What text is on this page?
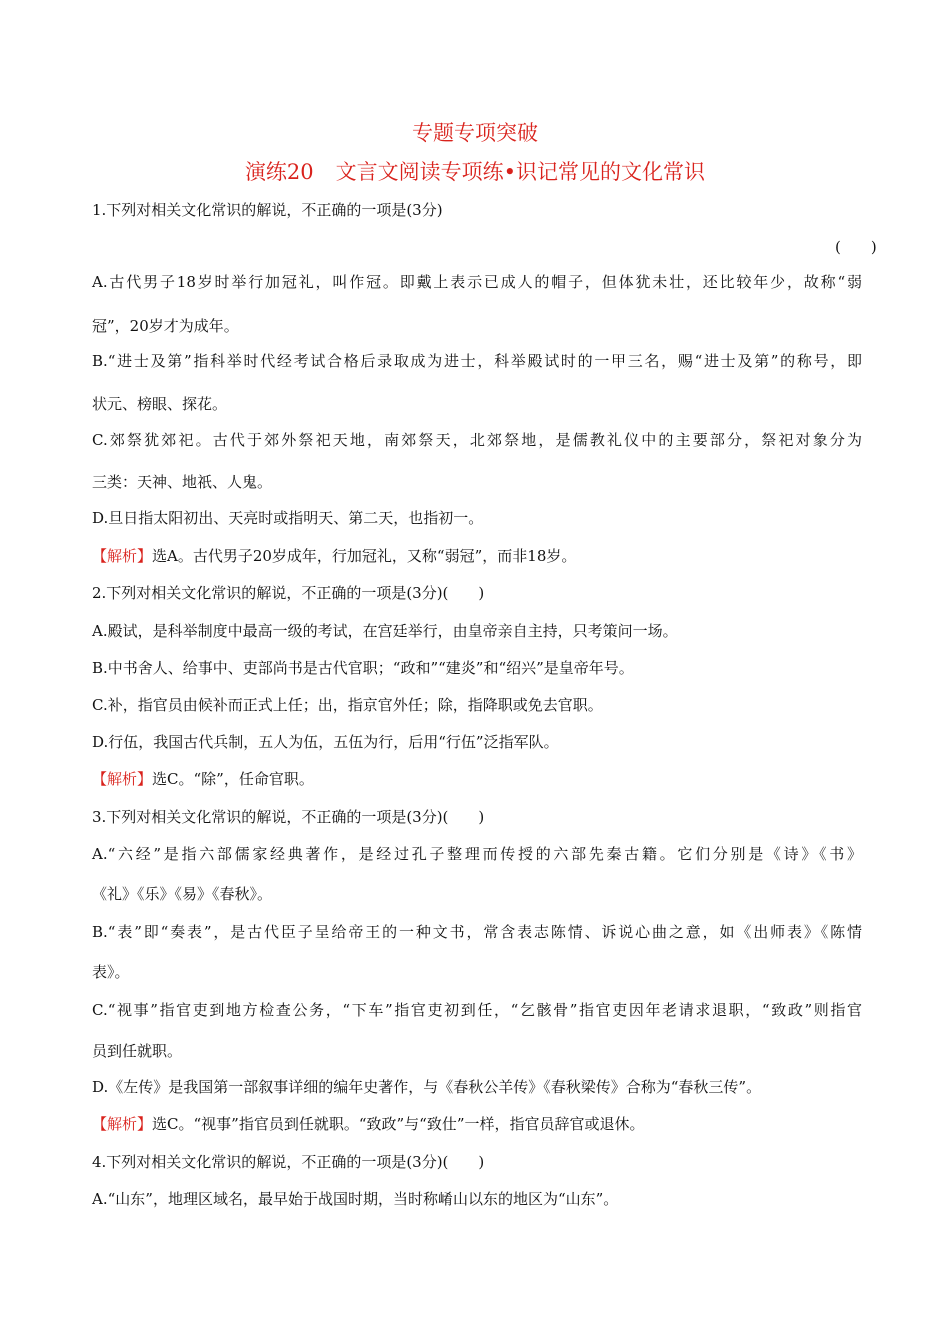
专题专项突破
演练20 文言文阅读专项练•识记常见的文化常识
1.下列对相关文化常识的解说，不正确的一项是(3分)
(　　)
A.古代男子18岁时举行加冠礼，叫作冠。即戴上表示已成人的帽子，但体犹未壮，还比较年少，故称“弱
冠”，20岁才为成年。
B.“进士及第”指科举时代经考试合格后录取成为进士，科举殿试时的一甲三名，赐“进士及第”的称号，即
状元、榜眼、探花。
C.郊祭犹郊祀。古代于郊外祭祀天地，南郊祭天，北郊祭地，是儒教礼仪中的主要部分，祭祀对象分为
三类：天神、地祇、人鬼。
D.旦日指太阳初出、天亮时或指明天、第二天，也指初一。
【解析】选A。古代男子20岁成年，行加冠礼，又称“弱冠”，而非18岁。
2.下列对相关文化常识的解说，不正确的一项是(3分)(　　)
A.殿试，是科举制度中最高一级的考试，在宫廷举行，由皇帝亲自主持，只考策问一场。
B.中书舍人、给事中、吏部尚书是古代官职；“政和”“建炎”和“绍兴”是皇帝年号。
C.补，指官员由候补而正式上任；出，指京官外任；除，指降职或免去官职。
D.行伍，我国古代兵制，五人为伍，五伍为行，后用“行伍”泛指军队。
【解析】选C。“除”，任命官职。
3.下列对相关文化常识的解说，不正确的一项是(3分)(　　)
A.“六经”是指六部儒家经典著作，是经过孔子整理而传授的六部先秦古籍。它们分别是《诗》《书》
《礼》《乐》《易》《春秋》。
B.“表”即“奏表”，是古代臣子呈给帝王的一种文书，常含表志陈情、诉说心曲之意，如《出师表》《陈情
表》。
C.“视事”指官吏到地方检查公务，“下车”指官吏初到任，“乞骸骨”指官吏因年老请求退职，“致政”则指官
员到任就职。
D.《左传》是我国第一部叙事详细的编年史著作，与《春秋公羊传》《春秋梁传》合称为“春秋三传”。
【解析】选C。“视事”指官员到任就职。“致政”与“致仕”一样，指官员辞官或退休。
4.下列对相关文化常识的解说，不正确的一项是(3分)(　　)
A.“山东”，地理区域名，最早始于战国时期，当时称崤山以东的地区为“山东”。
